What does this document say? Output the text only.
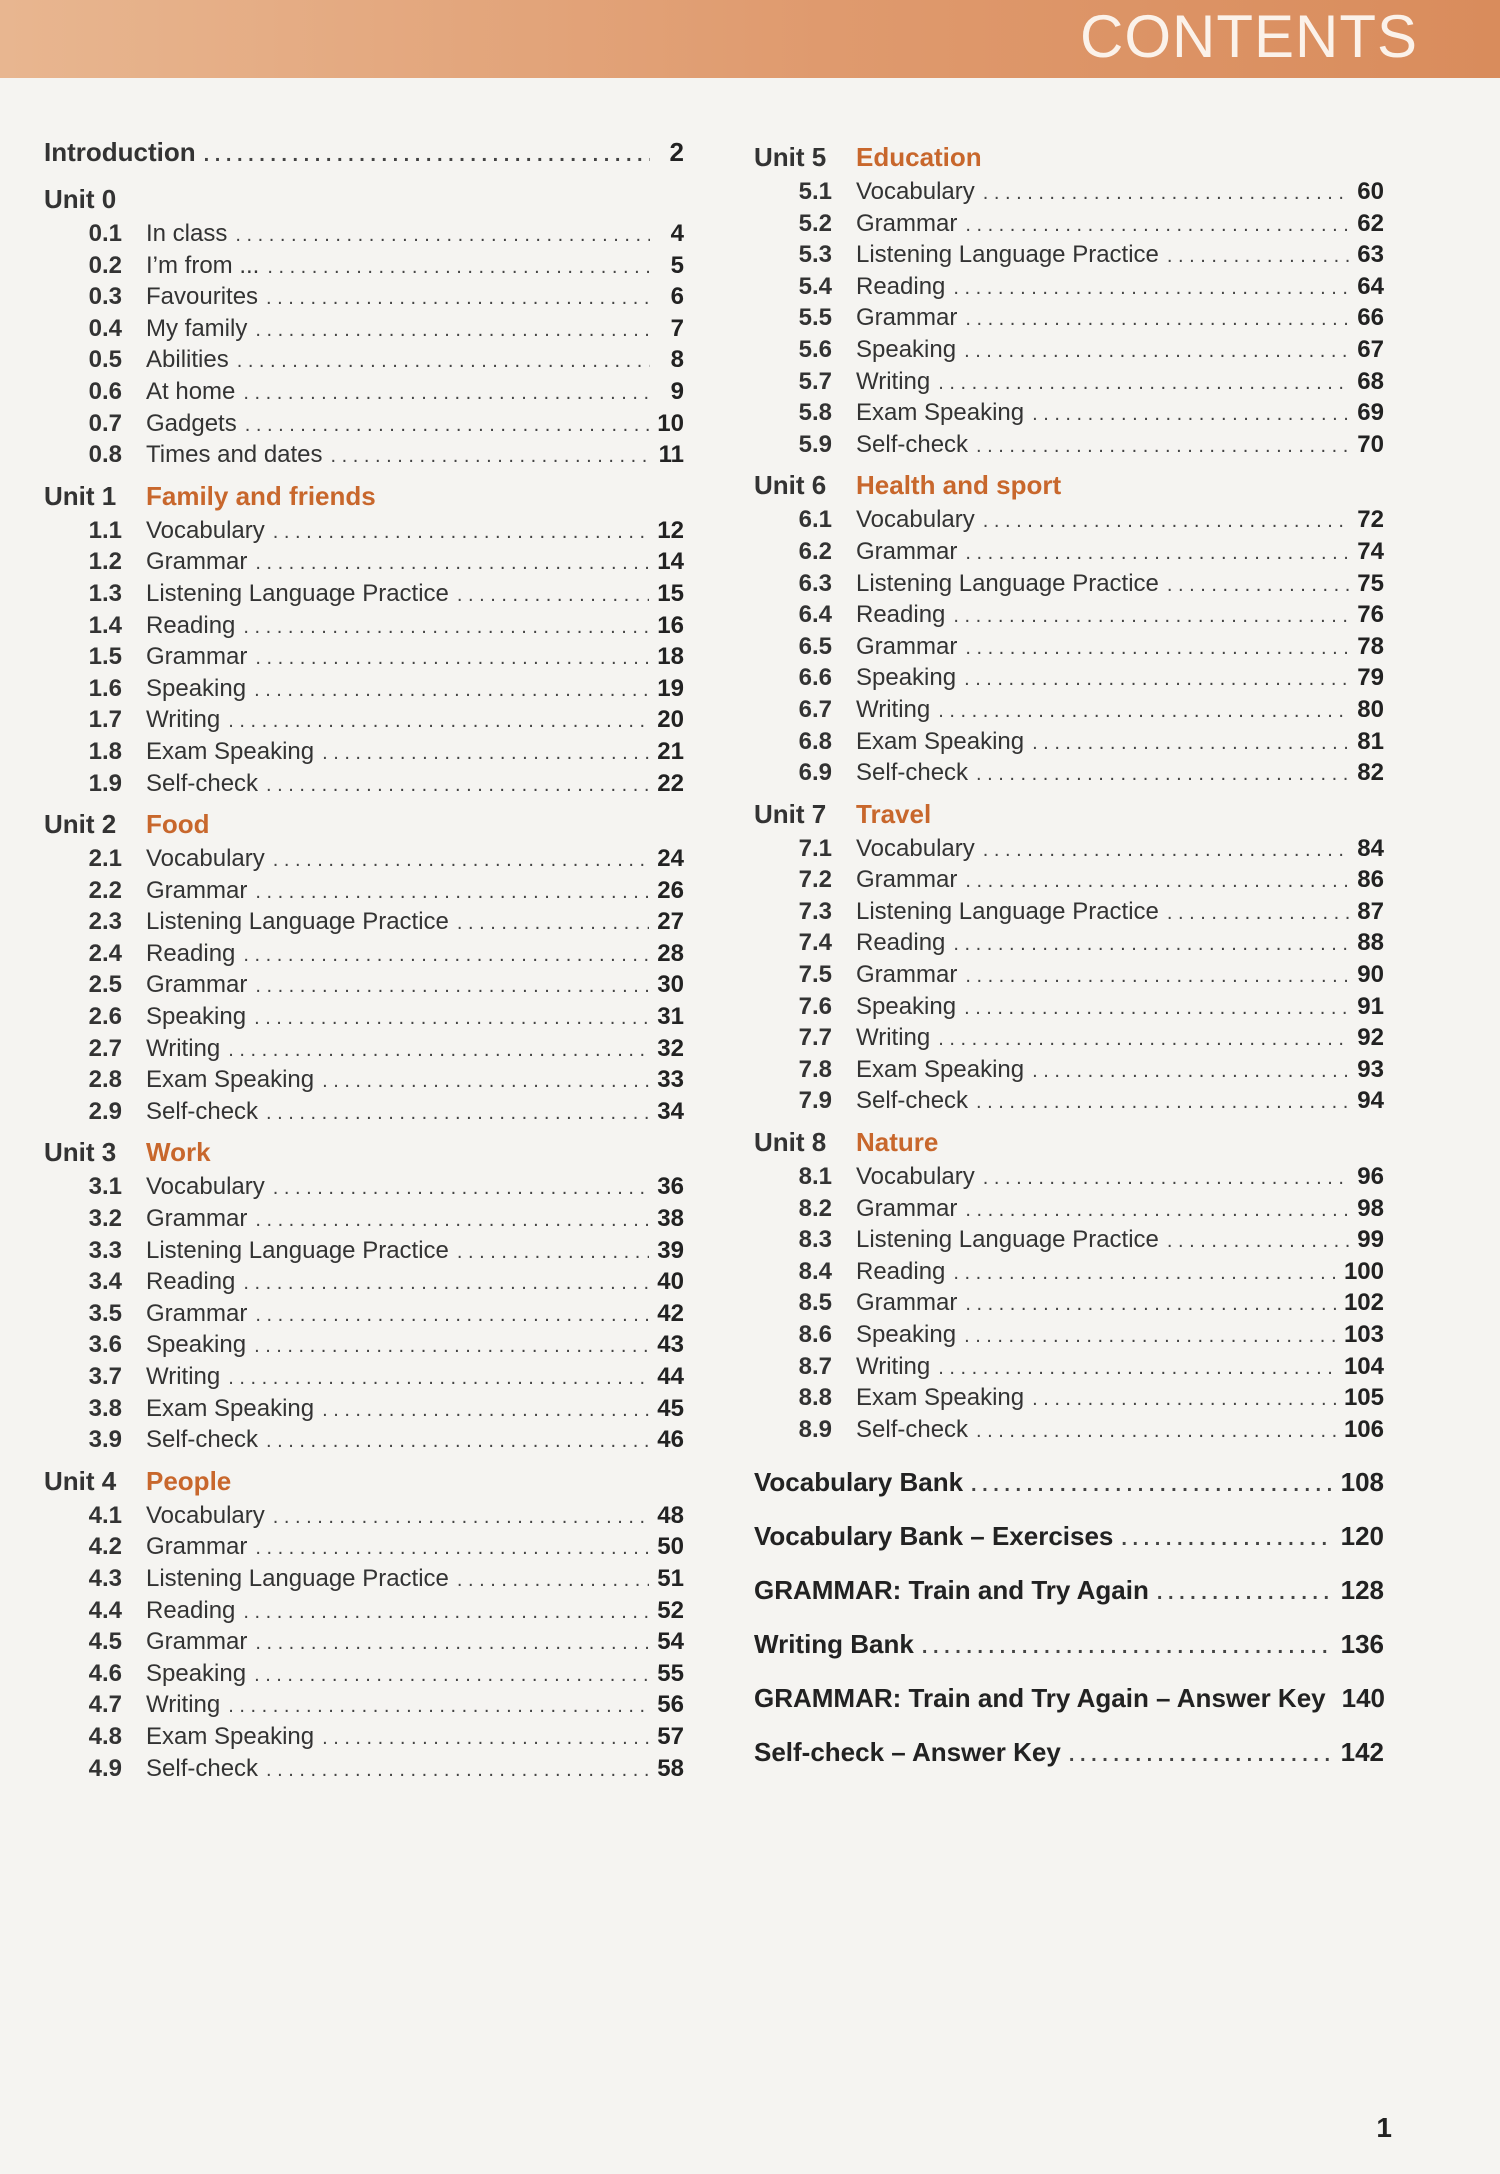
CONTENTS
Introduction . . .	2
Unit 0
0.1	In class . . .	4
0.2	I’m from ... . . .	5
0.3	Favourites . . .	6
0.4	My family . . .	7
0.5	Abilities . . .	8
0.6	At home . . .	9
0.7	Gadgets . . .	10
0.8	Times and dates . . .	11
Unit 1	Family and friends
1.1	Vocabulary . . .	12
1.2	Grammar . . .	14
1.3	Listening Language Practice . . .	15
1.4	Reading . . .	16
1.5	Grammar . . .	18
1.6	Speaking . . .	19
1.7	Writing . . .	20
1.8	Exam Speaking . . .	21
1.9	Self-check . . .	22
Unit 2	Food
2.1	Vocabulary . . .	24
2.2	Grammar . . .	26
2.3	Listening Language Practice . . .	27
2.4	Reading . . .	28
2.5	Grammar . . .	30
2.6	Speaking . . .	31
2.7	Writing . . .	32
2.8	Exam Speaking . . .	33
2.9	Self-check . . .	34
Unit 3	Work
3.1	Vocabulary . . .	36
3.2	Grammar . . .	38
3.3	Listening Language Practice . . .	39
3.4	Reading . . .	40
3.5	Grammar . . .	42
3.6	Speaking . . .	43
3.7	Writing . . .	44
3.8	Exam Speaking . . .	45
3.9	Self-check . . .	46
Unit 4	People
4.1	Vocabulary . . .	48
4.2	Grammar . . .	50
4.3	Listening Language Practice . . .	51
4.4	Reading . . .	52
4.5	Grammar . . .	54
4.6	Speaking . . .	55
4.7	Writing . . .	56
4.8	Exam Speaking . . .	57
4.9	Self-check . . .	58
Unit 5	Education
5.1	Vocabulary . . .	60
5.2	Grammar . . .	62
5.3	Listening Language Practice . . .	63
5.4	Reading . . .	64
5.5	Grammar . . .	66
5.6	Speaking . . .	67
5.7	Writing . . .	68
5.8	Exam Speaking . . .	69
5.9	Self-check . . .	70
Unit 6	Health and sport
6.1	Vocabulary . . .	72
6.2	Grammar . . .	74
6.3	Listening Language Practice . . .	75
6.4	Reading . . .	76
6.5	Grammar . . .	78
6.6	Speaking . . .	79
6.7	Writing . . .	80
6.8	Exam Speaking . . .	81
6.9	Self-check . . .	82
Unit 7	Travel
7.1	Vocabulary . . .	84
7.2	Grammar . . .	86
7.3	Listening Language Practice . . .	87
7.4	Reading . . .	88
7.5	Grammar . . .	90
7.6	Speaking . . .	91
7.7	Writing . . .	92
7.8	Exam Speaking . . .	93
7.9	Self-check . . .	94
Unit 8	Nature
8.1	Vocabulary . . .	96
8.2	Grammar . . .	98
8.3	Listening Language Practice . . .	99
8.4	Reading . . .	100
8.5	Grammar . . .	102
8.6	Speaking . . .	103
8.7	Writing . . .	104
8.8	Exam Speaking . . .	105
8.9	Self-check . . .	106
Vocabulary Bank . . .	108
Vocabulary Bank – Exercises . . .	120
GRAMMAR: Train and Try Again . . .	128
Writing Bank . . .	136
GRAMMAR: Train and Try Again – Answer Key 140
Self-check – Answer Key . . .	142
1
